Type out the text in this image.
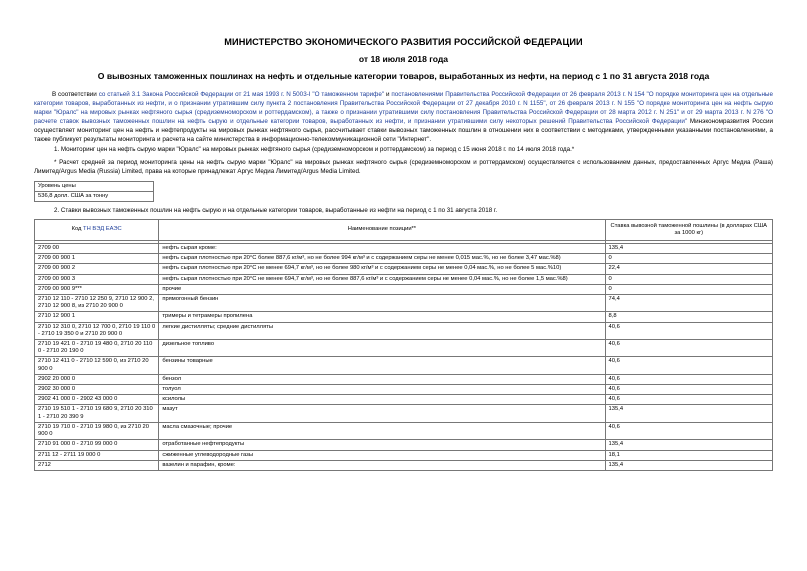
МИНИСТЕРСТВО ЭКОНОМИЧЕСКОГО РАЗВИТИЯ РОССИЙСКОЙ ФЕДЕРАЦИИ
от 18 июля 2018 года
О вывозных таможенных пошлинах на нефть и отдельные категории товаров, выработанных из нефти, на период с 1 по 31 августа 2018 года
В соответствии со статьей 3.1 Закона Российской Федерации от 21 мая 1993 г. N 5003-I "О таможенном тарифе" и постановлениями Правительства Российской Федерации от 26 февраля 2013 г. N 154 "О порядке мониторинга цен на отдельные категории товаров, выработанных из нефти, и о признании утратившим силу пункта 2 постановления Правительства Российской Федерации от 27 декабря 2010 г. N 1155", от 26 февраля 2013 г. N 155 "О порядке мониторинга цен на нефть сырую марки "Юралс" на мировых рынках нефтяного сырья (средиземноморском и роттердамском), а также о признании утратившими силу постановления Правительства Российской Федерации от 28 марта 2012 г. N 251" и от 29 марта 2013 г. N 276 "О расчете ставок вывозных таможенных пошлин на нефть сырую и отдельные категории товаров, выработанных из нефти, и признании утратившими силу некоторых решений Правительства Российской Федерации" Минэкономразвития России осуществляет мониторинг цен на нефть и нефтепродукты на мировых рынках нефтяного сырья, рассчитывает ставки вывозных таможенных пошлин в отношении них в соответствии с методиками, утвержденными указанными постановлениями, а также публикует результаты мониторинга и расчета на сайте министерства в информационно-телекоммуникационной сети "Интернет".
1. Мониторинг цен на нефть сырую марки "Юралс" на мировых рынках нефтяного сырья (средиземноморском и роттердамском) за период с 15 июня 2018 г. по 14 июля 2018 года.*
* Расчет средней за период мониторинга цены на нефть сырую марки "Юралс" на мировых рынках нефтяного сырья (средиземноморском и роттердамском) осуществляется с использованием данных, предоставленных Аргус Медиа (Раша) Лимитед/Argus Media (Russia) Limited, права на которые принадлежат Аргус Медиа Лимитед/Argus Media Limited.
Уровень цены
536,8 долл. США за тонну
2. Ставки вывозных таможенных пошлин на нефть сырую и на отдельные категории товаров, выработанные из нефти на период с 1 по 31 августа 2018 г.
Код ТН ВЭД ЕАЭС	Наименование позиции**	Ставка вывозной таможенной пошлины (в долларах США за 1000 кг)

2709 00	нефть сырая кроме:	135,4
2709 00 900 1	нефть сырая плотностью при 20°С более 887,6 кг/м³, но не более 994 кг/м³ и с содержанием серы не менее 0,015 мас.%, но не более 3,47 мас.%8)	0
2709 00 900 2	нефть сырая плотностью при 20°С не менее 694,7 кг/м³, но не более 980 кг/м³ и с содержанием серы не менее 0,04 мас.%, но не более 5 мас.%10)	22,4
2709 00 900 3	нефть сырая плотностью при 20°С не менее 694,7 кг/м³, но не более 887,6 кг/м³ и с содержанием серы не менее 0,04 мас.%, но не более 1,5 мас.%8)	0
2709 00 900 9***	прочие	0
2710 12 110 - 2710 12 250 9, 2710 12 900 2, 2710 12 900 8, из 2710 20 900 0	прямогонный бензин	74,4
2710 12 900 1	тримеры и тетрамеры пропилена	8,8
2710 12 310 0, 2710 12 700 0, 2710 19 110 0 - 2710 19 350 0 и 2710 20 900 0	легкие дистилляты; средние дистилляты	40,6
2710 19 421 0 - 2710 19 480 0, 2710 20 110 0 - 2710 20 190 0	дизельное топливо	40,6
2710 12 411 0 - 2710 12 590 0, из 2710 20 900 0	бензины товарные	40,6
2902 20 000 0	бензол	40,6
2902 30 000 0	толуол	40,6
2902 41 000 0 - 2902 43 000 0	ксилолы	40,6
2710 19 510 1 - 2710 19 680 9, 2710 20 310 1 - 2710 20 390 9	мазут	135,4
2710 19 710 0 - 2710 19 980 0, из 2710 20 900 0	масла смазочные; прочие	40,6
2710 91 000 0 - 2710 99 000 0	отработанные нефтепродукты	135,4
2711 12 - 2711 19 000 0	сжиженные углеводородные газы	18,1
2712	вазелин и парафин, кроме:	135,4
